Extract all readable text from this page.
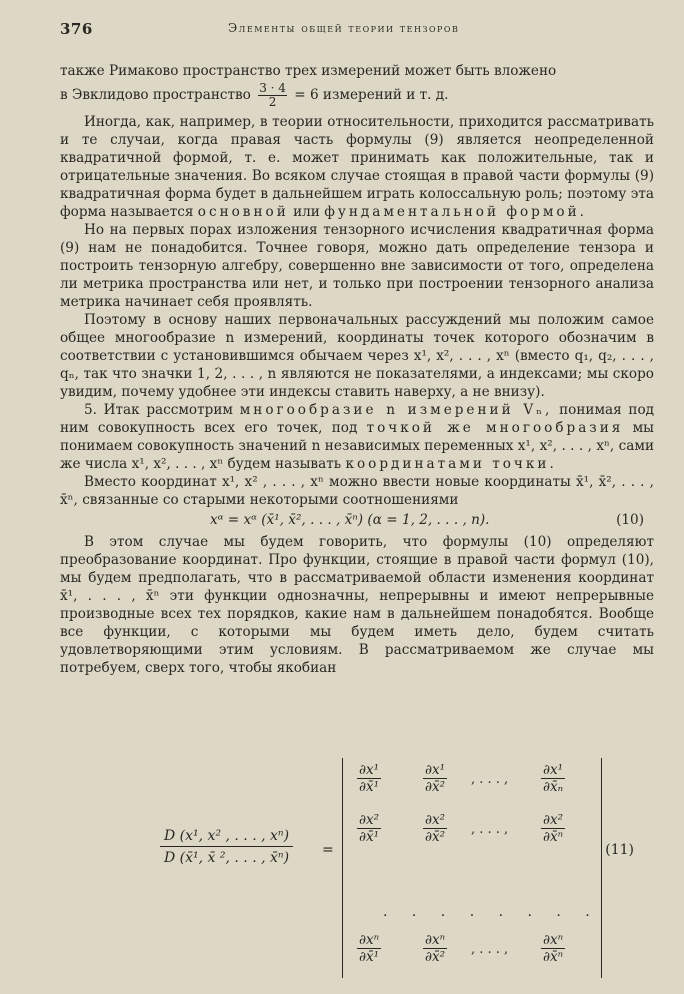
376	Элементы общей теории тензоров

также Римаково пространство трех измерений может быть вложено

в Эвклидово пространство $\frac{3 \cdot 4}{2} = 6$ измерений и т. д.

Иногда, как, например, в теории относительности, приходится рассматривать и те случаи, когда правая часть формулы (9) является неопределенной квадратичной формой, т. е. может принимать как положительные, так и отрицательные значения. Во всяком случае стоящая в правой части формулы (9) квадратичная форма будет в дальнейшем играть колоссальную роль; поэтому эта форма называется основной или фундаментальной формой.

Но на первых порах изложения тензорного исчисления квадратичная форма (9) нам не понадобится. Точнее говоря, можно дать определение тензора и построить тензорную алгебру, совершенно вне зависимости от того, определена ли метрика пространства или нет, и только при построении тензорного анализа метрика начинает себя проявлять.

Поэтому в основу наших первоначальных рассуждений мы положим самое общее многообразие n измерений, координаты точек которого обозначим в соответствии с установившимся обычаем через x¹, x², . . . , xⁿ (вместо q₁, q₂, . . . , qₙ, так что значки 1, 2, . . . , n являются не показателями, а индексами; мы скоро увидим, почему удобнее эти индексы ставить наверху, а не внизу).

5. Итак рассмотрим многообразие n измерений Vₙ, понимая под ним совокупность всех его точек, под точкой же многообразия мы понимаем совокупность значений n независимых переменных x¹, x², . . . , xⁿ, сами же числа x¹, x², . . . , xⁿ будем называть координатами точки.

Вместо координат x¹, x² , . . . , xⁿ можно ввести новые координаты x̄¹, x̄², . . . , x̄ⁿ, связанные со старыми некоторыми соотношениями

xᵅ = xᵅ (x̄¹, x̄², . . . , x̄ⁿ) (α = 1, 2, . . . , n).	(10)

В этом случае мы будем говорить, что формулы (10) определяют преобразование координат. Про функции, стоящие в правой части формул (10), мы будем предполагать, что в рассматриваемой области изменения координат x̄¹, . . . , x̄ⁿ эти функции однозначны, непрерывны и имеют непрерывные производные всех тех порядков, какие нам в дальнейшем понадобятся. Вообще все функции, с которыми мы будем иметь дело, будем считать удовлетворяющими этим условиям. В рассматриваемом же случае мы потребуем, сверх того, чтобы якобиан

$\frac{\text{D (x¹, x² , . . . , xⁿ)}}{\text{D (x̄¹, x̄ ², . . . , x̄ⁿ)}}$ =
$\frac{\text{∂x¹}}{\text{∂x̄¹}}$	$\frac{\text{∂x¹}}{\text{∂x̄²}}$ , . . . , $\frac{\text{∂x¹}}{\text{∂x̄ₙ}}$
$\frac{\text{∂x²}}{\text{∂x̄¹}}$	$\frac{\text{∂x²}}{\text{∂x̄²}}$ , . . . , $\frac{\text{∂x²}}{\text{∂x̄ⁿ}}$
. . . . . . . .
$\frac{\text{∂xⁿ}}{\text{∂x̄¹}}$	$\frac{\text{∂xⁿ}}{\text{∂x̄²}}$ , . . . , $\frac{\text{∂xⁿ}}{\text{∂x̄ⁿ}}$
(11)
